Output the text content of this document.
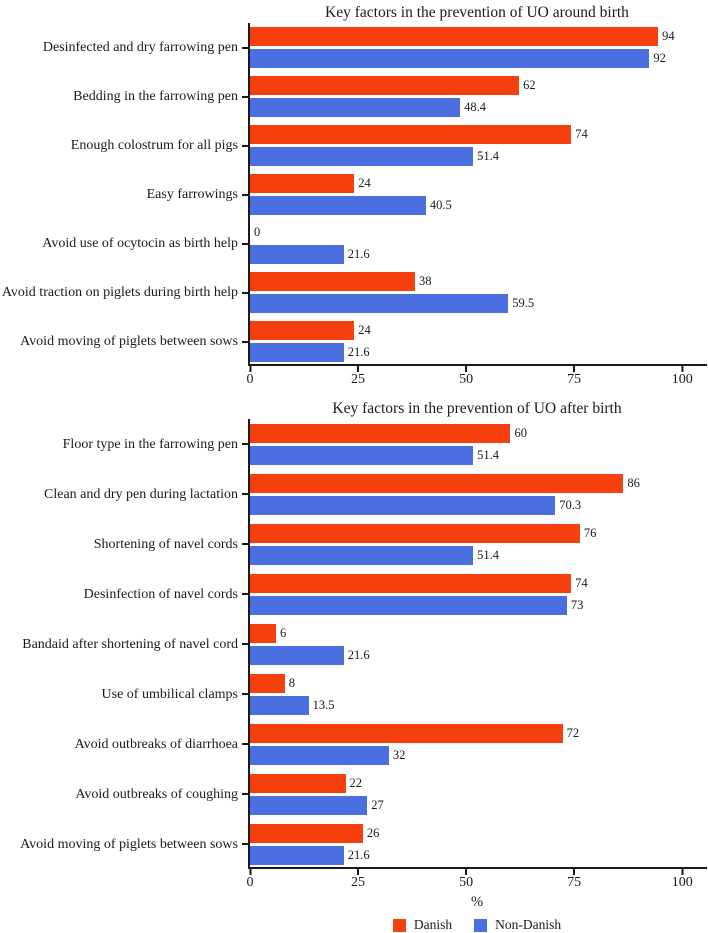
Key factors in the prevention of UO around birth
Desinfected and dry farrowing pen
94
92
Bedding in the farrowing pen
62
48.4
Enough colostrum for all pigs
74
51.4
Easy farrowings
24
40.5
Avoid use of ocytocin as birth help
0
21.6
Avoid traction on piglets during birth help
38
59.5
Avoid moving of piglets between sows
24
21.6
0	25	50	75	100
Key factors in the prevention of UO after birth
Floor type in the farrowing pen
60
51.4
Clean and dry pen during lactation
86
70.3
Shortening of navel cords
76
51.4
Desinfection of navel cords
74
73
Bandaid after shortening of navel cord
6
21.6
Use of umbilical clamps
8
13.5
Avoid outbreaks of diarrhoea
72
32
Avoid outbreaks of coughing
22
27
Avoid moving of piglets between sows
26
21.6
0	25	50	75	100
%
Danish	Non-Danish
